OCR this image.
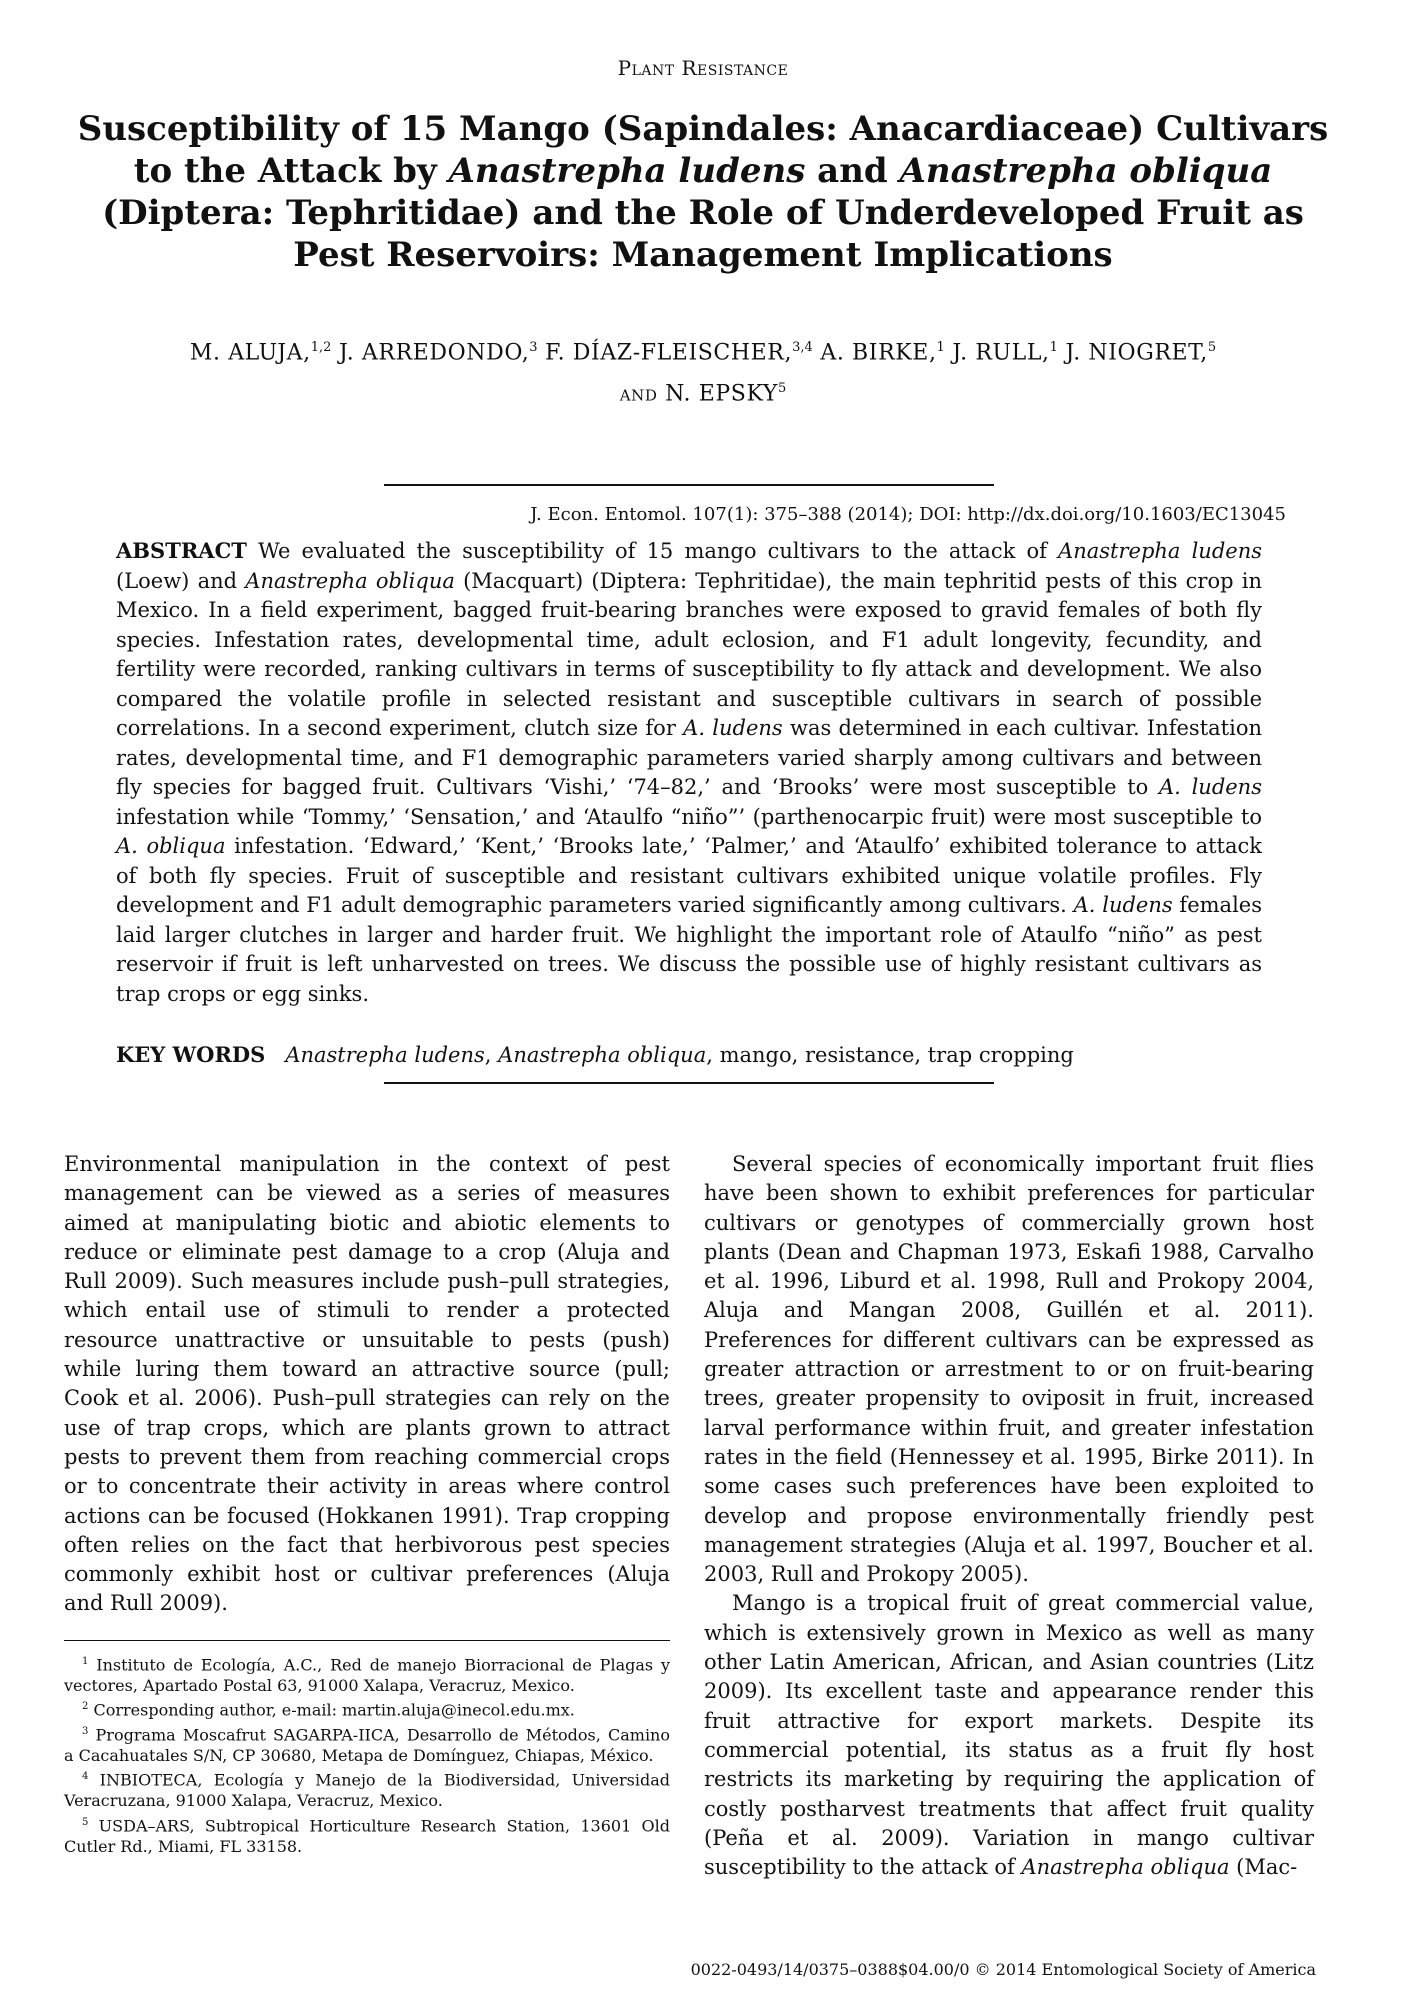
Plant Resistance
Susceptibility of 15 Mango (Sapindales: Anacardiaceae) Cultivars to the Attack by Anastrepha ludens and Anastrepha obliqua (Diptera: Tephritidae) and the Role of Underdeveloped Fruit as Pest Reservoirs: Management Implications
M. ALUJA,$^{1,2}$ J. ARREDONDO,$^3$ F. DÍAZ-FLEISCHER,$^{3,4}$ A. BIRKE,$^1$ J. RULL,$^1$ J. NIOGRET,$^5$
and N. EPSKY$^5$
J. Econ. Entomol. 107(1): 375–388 (2014); DOI: http://dx.doi.org/10.1603/EC13045
ABSTRACT We evaluated the susceptibility of 15 mango cultivars to the attack of Anastrepha ludens (Loew) and Anastrepha obliqua (Macquart) (Diptera: Tephritidae), the main tephritid pests of this crop in Mexico. In a field experiment, bagged fruit-bearing branches were exposed to gravid females of both fly species. Infestation rates, developmental time, adult eclosion, and F1 adult longevity, fecundity, and fertility were recorded, ranking cultivars in terms of susceptibility to fly attack and development. We also compared the volatile profile in selected resistant and susceptible cultivars in search of possible correlations. In a second experiment, clutch size for A. ludens was determined in each cultivar. Infestation rates, developmental time, and F1 demographic parameters varied sharply among cultivars and between fly species for bagged fruit. Cultivars ‘Vishi,’ ‘74–82,’ and ‘Brooks’ were most susceptible to A. ludens infestation while ‘Tommy,’ ‘Sensation,’ and ‘Ataulfo “niño”’ (parthenocarpic fruit) were most susceptible to A. obliqua infestation. ‘Edward,’ ‘Kent,’ ‘Brooks late,’ ‘Palmer,’ and ‘Ataulfo’ exhibited tolerance to attack of both fly species. Fruit of susceptible and resistant cultivars exhibited unique volatile profiles. Fly development and F1 adult demographic parameters varied significantly among cultivars. A. ludens females laid larger clutches in larger and harder fruit. We highlight the important role of Ataulfo “niño” as pest reservoir if fruit is left unharvested on trees. We discuss the possible use of highly resistant cultivars as trap crops or egg sinks.
KEY WORDS Anastrepha ludens, Anastrepha obliqua, mango, resistance, trap cropping

Environmental manipulation in the context of pest management can be viewed as a series of measures aimed at manipulating biotic and abiotic elements to reduce or eliminate pest damage to a crop (Aluja and Rull 2009). Such measures include push–pull strategies, which entail use of stimuli to render a protected resource unattractive or unsuitable to pests (push) while luring them toward an attractive source (pull; Cook et al. 2006). Push–pull strategies can rely on the use of trap crops, which are plants grown to attract pests to prevent them from reaching commercial crops or to concentrate their activity in areas where control actions can be focused (Hokkanen 1991). Trap cropping often relies on the fact that herbivorous pest species commonly exhibit host or cultivar preferences (Aluja and Rull 2009).

$^1$ Instituto de Ecología, A.C., Red de manejo Biorracional de Plagas y vectores, Apartado Postal 63, 91000 Xalapa, Veracruz, Mexico.

$^2$ Corresponding author, e-mail: martin.aluja@inecol.edu.mx.

$^3$ Programa Moscafrut SAGARPA-IICA, Desarrollo de Métodos, Camino a Cacahuatales S/N, CP 30680, Metapa de Domínguez, Chiapas, México.

$^4$ INBIOTECA, Ecología y Manejo de la Biodiversidad, Universidad Veracruzana, 91000 Xalapa, Veracruz, Mexico.

$^5$ USDA–ARS, Subtropical Horticulture Research Station, 13601 Old Cutler Rd., Miami, FL 33158.

Several species of economically important fruit flies have been shown to exhibit preferences for particular cultivars or genotypes of commercially grown host plants (Dean and Chapman 1973, Eskafi 1988, Carvalho et al. 1996, Liburd et al. 1998, Rull and Prokopy 2004, Aluja and Mangan 2008, Guillén et al. 2011). Preferences for different cultivars can be expressed as greater attraction or arrestment to or on fruit-bearing trees, greater propensity to oviposit in fruit, increased larval performance within fruit, and greater infestation rates in the field (Hennessey et al. 1995, Birke 2011). In some cases such preferences have been exploited to develop and propose environmentally friendly pest management strategies (Aluja et al. 1997, Boucher et al. 2003, Rull and Prokopy 2005).

Mango is a tropical fruit of great commercial value, which is extensively grown in Mexico as well as many other Latin American, African, and Asian countries (Litz 2009). Its excellent taste and appearance render this fruit attractive for export markets. Despite its commercial potential, its status as a fruit fly host restricts its marketing by requiring the application of costly postharvest treatments that affect fruit quality (Peña et al. 2009). Variation in mango cultivar susceptibility to the attack of Anastrepha obliqua (Mac-

0022-0493/14/0375–0388$04.00/0 © 2014 Entomological Society of America
